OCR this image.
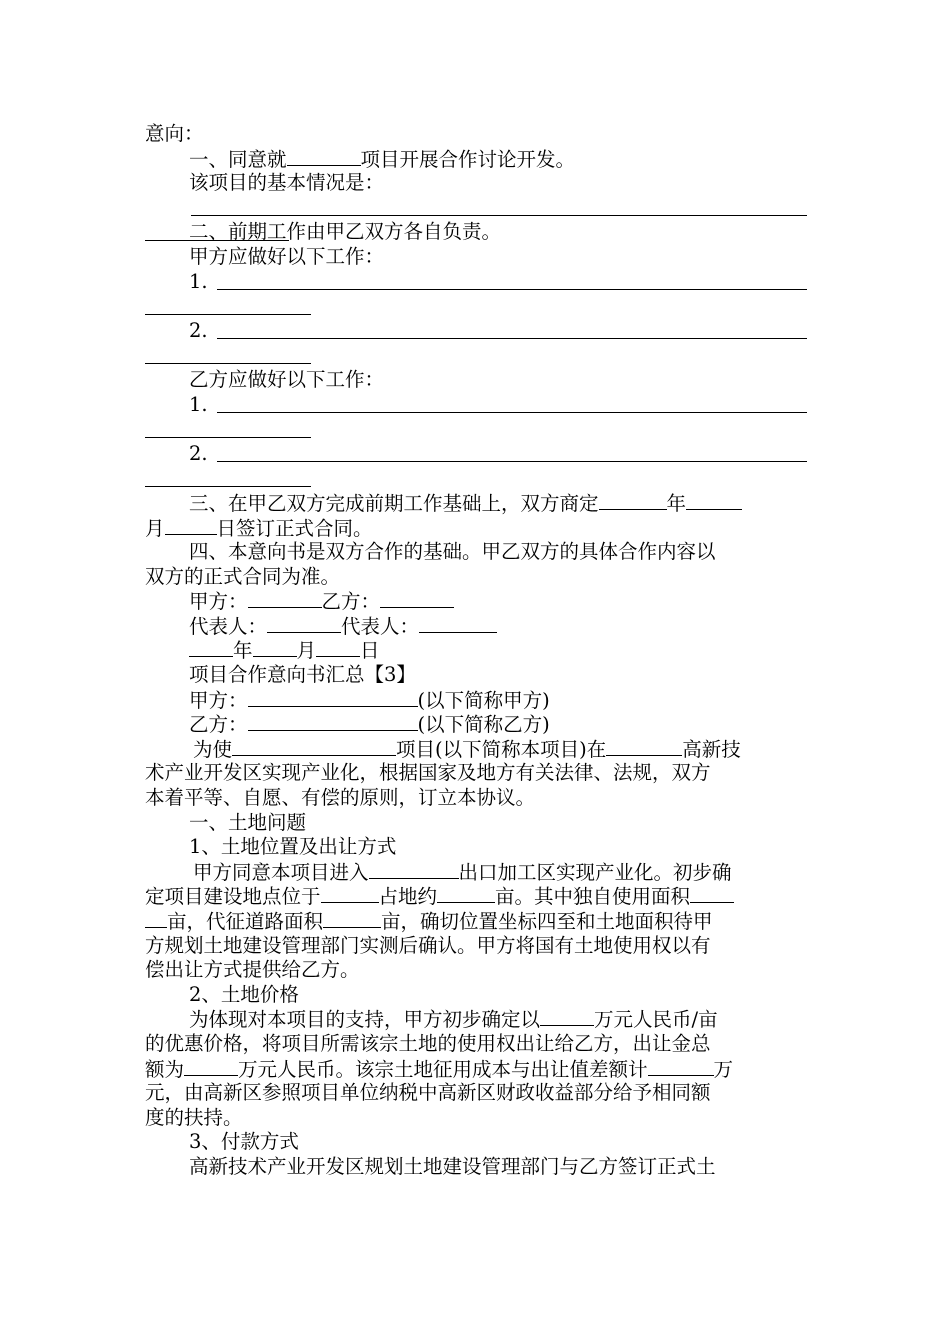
意向：
一、同意就	项目开展合作讨论开发。
该项目的基本情况是：
二、前期工作由甲乙双方各自负责。
甲方应做好以下工作：
1.
2.
乙方应做好以下工作：
1.
2.
三、在甲乙双方完成前期工作基础上，双方商定	年
月	日签订正式合同。
四、本意向书是双方合作的基础。甲乙双方的具体合作内容以
双方的正式合同为准。
甲方：	乙方：
代表人：	代表人：
年 月 日
项目合作意向书汇总【3】
甲方：	(以下简称甲方)
乙方：	(以下简称乙方)
为使	项目(以下简称本项目)在	高新技
术产业开发区实现产业化，根据国家及地方有关法律、法规，双方
本着平等、自愿、有偿的原则，订立本协议。
一、土地问题
1、土地位置及出让方式
甲方同意本项目进入	出口加工区实现产业化。初步确
定项目建设地点位于	占地约	亩。其中独自使用面积
亩，代征道路面积	亩，确切位置坐标四至和土地面积待甲
方规划土地建设管理部门实测后确认。甲方将国有土地使用权以有
偿出让方式提供给乙方。
2、土地价格
为体现对本项目的支持，甲方初步确定以	万元人民币/亩
的优惠价格，将项目所需该宗土地的使用权出让给乙方，出让金总
额为	万元人民币。该宗土地征用成本与出让值差额计	万
元，由高新区参照项目单位纳税中高新区财政收益部分给予相同额
度的扶持。
3、付款方式
高新技术产业开发区规划土地建设管理部门与乙方签订正式土
